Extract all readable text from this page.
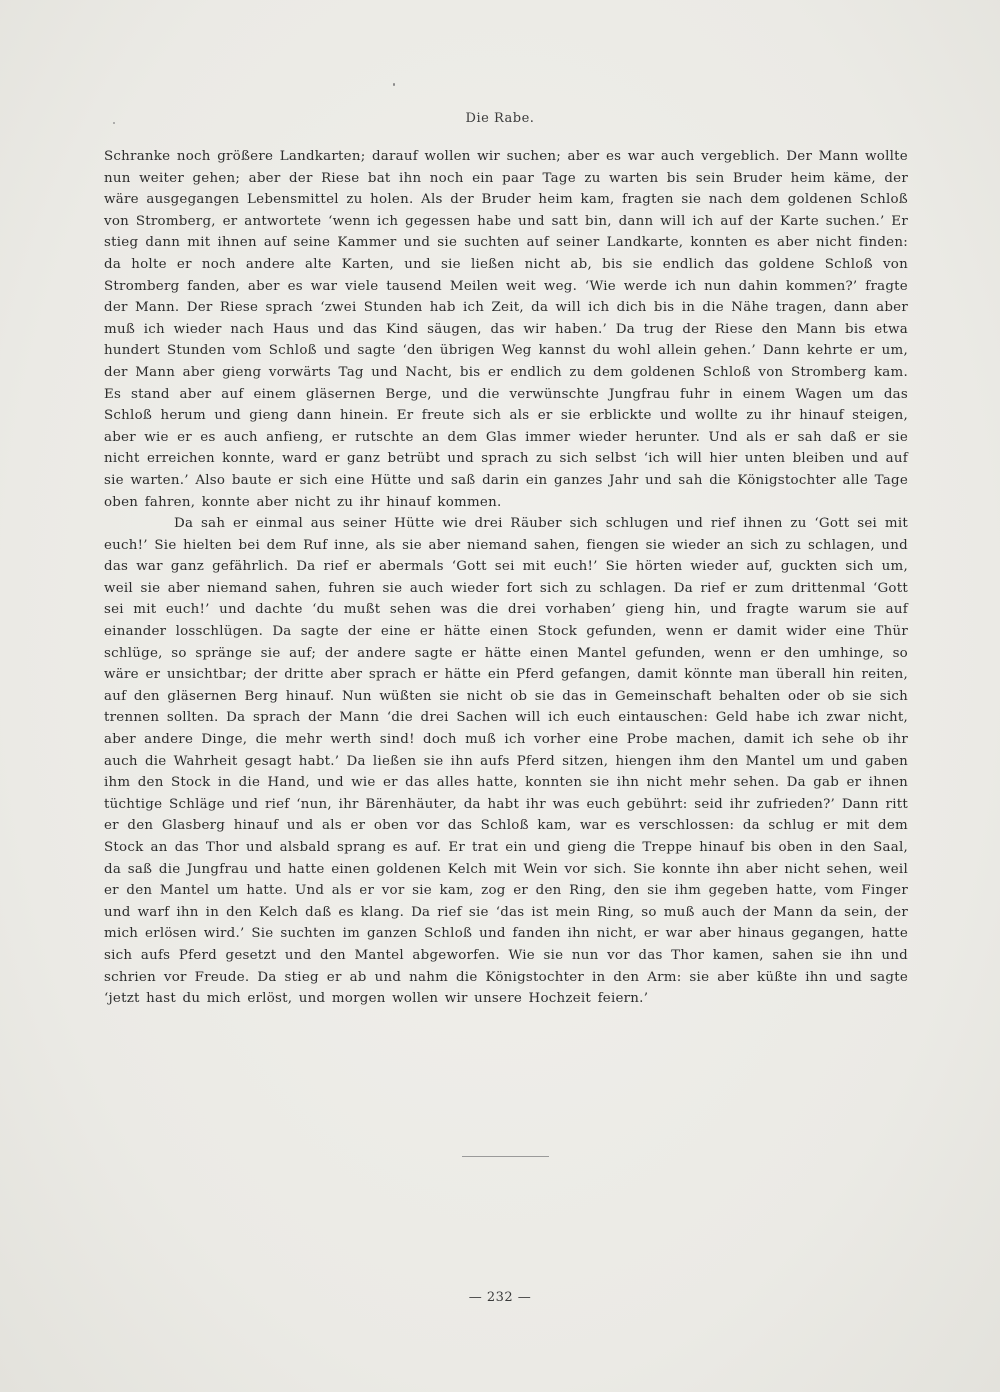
Die Rabe.

Schranke noch größere Landkarten; darauf wollen wir suchen; aber es war auch vergeblich. Der Mann wollte nun weiter gehen; aber der Riese bat ihn noch ein paar Tage zu warten bis sein Bruder heim käme, der wäre ausgegangen Lebensmittel zu holen. Als der Bruder heim kam, fragten sie nach dem goldenen Schloß von Stromberg, er antwortete ‘wenn ich gegessen habe und satt bin, dann will ich auf der Karte suchen.’ Er stieg dann mit ihnen auf seine Kammer und sie suchten auf seiner Landkarte, konnten es aber nicht finden: da holte er noch andere alte Karten, und sie ließen nicht ab, bis sie endlich das goldene Schloß von Stromberg fanden, aber es war viele tausend Meilen weit weg. ‘Wie werde ich nun dahin kommen?’ fragte der Mann. Der Riese sprach ‘zwei Stunden hab ich Zeit, da will ich dich bis in die Nähe tragen, dann aber muß ich wieder nach Haus und das Kind säugen, das wir haben.’ Da trug der Riese den Mann bis etwa hundert Stunden vom Schloß und sagte ‘den übrigen Weg kannst du wohl allein gehen.’ Dann kehrte er um, der Mann aber gieng vorwärts Tag und Nacht, bis er endlich zu dem goldenen Schloß von Stromberg kam. Es stand aber auf einem gläsernen Berge, und die verwünschte Jungfrau fuhr in einem Wagen um das Schloß herum und gieng dann hinein. Er freute sich als er sie erblickte und wollte zu ihr hinauf steigen, aber wie er es auch anfieng, er rutschte an dem Glas immer wieder herunter. Und als er sah daß er sie nicht erreichen konnte, ward er ganz betrübt und sprach zu sich selbst ‘ich will hier unten bleiben und auf sie warten.’ Also baute er sich eine Hütte und saß darin ein ganzes Jahr und sah die Königstochter alle Tage oben fahren, konnte aber nicht zu ihr hinauf kommen.

Da sah er einmal aus seiner Hütte wie drei Räuber sich schlugen und rief ihnen zu ‘Gott sei mit euch!’ Sie hielten bei dem Ruf inne, als sie aber niemand sahen, fiengen sie wieder an sich zu schlagen, und das war ganz gefährlich. Da rief er abermals ‘Gott sei mit euch!’ Sie hörten wieder auf, guckten sich um, weil sie aber niemand sahen, fuhren sie auch wieder fort sich zu schlagen. Da rief er zum drittenmal ‘Gott sei mit euch!’ und dachte ‘du mußt sehen was die drei vorhaben’ gieng hin, und fragte warum sie auf einander losschlügen. Da sagte der eine er hätte einen Stock gefunden, wenn er damit wider eine Thür schlüge, so spränge sie auf; der andere sagte er hätte einen Mantel gefunden, wenn er den umhinge, so wäre er unsichtbar; der dritte aber sprach er hätte ein Pferd gefangen, damit könnte man überall hin reiten, auf den gläsernen Berg hinauf. Nun wüßten sie nicht ob sie das in Gemeinschaft behalten oder ob sie sich trennen sollten. Da sprach der Mann ‘die drei Sachen will ich euch eintauschen: Geld habe ich zwar nicht, aber andere Dinge, die mehr werth sind! doch muß ich vorher eine Probe machen, damit ich sehe ob ihr auch die Wahrheit gesagt habt.’ Da ließen sie ihn aufs Pferd sitzen, hiengen ihm den Mantel um und gaben ihm den Stock in die Hand, und wie er das alles hatte, konnten sie ihn nicht mehr sehen. Da gab er ihnen tüchtige Schläge und rief ‘nun, ihr Bärenhäuter, da habt ihr was euch gebührt: seid ihr zufrieden?’ Dann ritt er den Glasberg hinauf und als er oben vor das Schloß kam, war es verschlossen: da schlug er mit dem Stock an das Thor und alsbald sprang es auf. Er trat ein und gieng die Treppe hinauf bis oben in den Saal, da saß die Jungfrau und hatte einen goldenen Kelch mit Wein vor sich. Sie konnte ihn aber nicht sehen, weil er den Mantel um hatte. Und als er vor sie kam, zog er den Ring, den sie ihm gegeben hatte, vom Finger und warf ihn in den Kelch daß es klang. Da rief sie ‘das ist mein Ring, so muß auch der Mann da sein, der mich erlösen wird.’ Sie suchten im ganzen Schloß und fanden ihn nicht, er war aber hinaus gegangen, hatte sich aufs Pferd gesetzt und den Mantel abgeworfen. Wie sie nun vor das Thor kamen, sahen sie ihn und schrien vor Freude. Da stieg er ab und nahm die Königstochter in den Arm: sie aber küßte ihn und sagte ‘jetzt hast du mich erlöst, und morgen wollen wir unsere Hochzeit feiern.’

— 232 —
